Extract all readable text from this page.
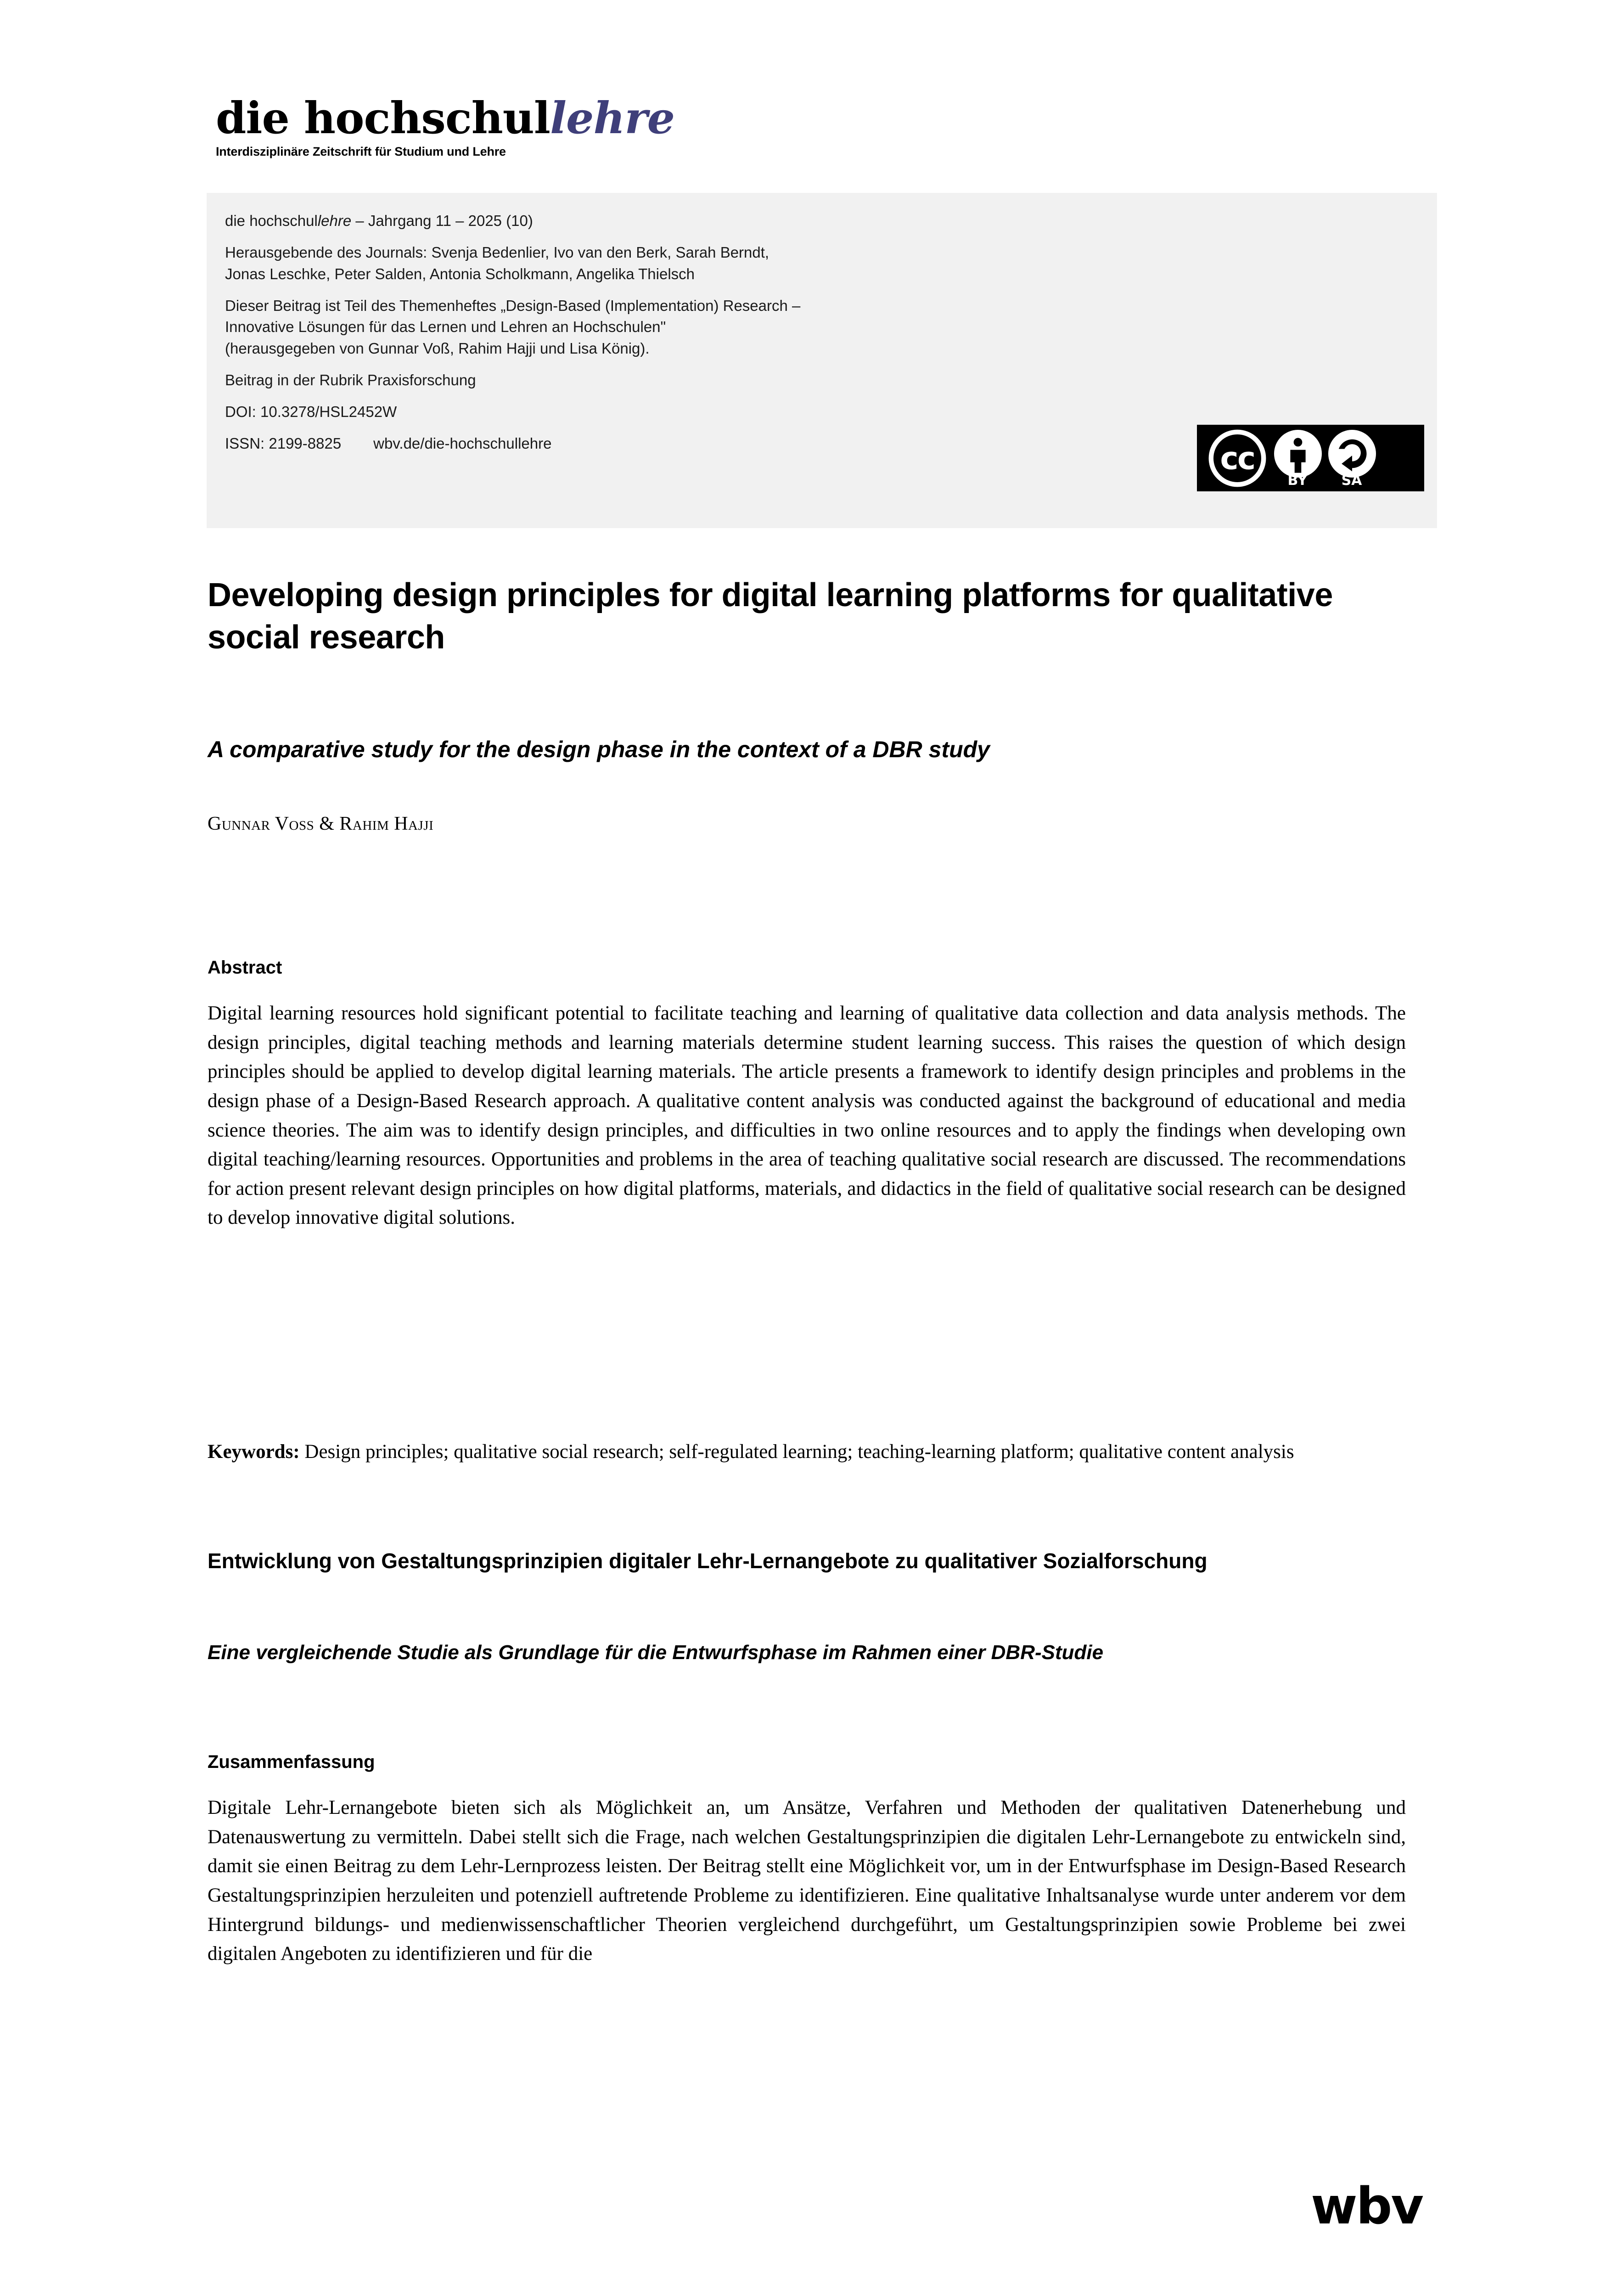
die hochschullehre
Interdisziplinäre Zeitschrift für Studium und Lehre

die hochschullehre – Jahrgang 11 – 2025 (10)

Herausgebende des Journals: Svenja Bedenlier, Ivo van den Berk, Sarah Berndt,
Jonas Leschke, Peter Salden, Antonia Scholkmann, Angelika Thielsch

Dieser Beitrag ist Teil des Themenheftes „Design-Based (Implementation) Research –
Innovative Lösungen für das Lernen und Lehren an Hochschulen"
(herausgegeben von Gunnar Voß, Rahim Hajji und Lisa König).

Beitrag in der Rubrik Praxisforschung

DOI: 10.3278/HSL2452W

ISSN: 2199-8825 wbv.de/die-hochschullehre	cc
BY	SA
Developing design principles for digital learning platforms for qualitative social research
A comparative study for the design phase in the context of a DBR study
Gunnar Voss & Rahim Hajji
Abstract
Digital learning resources hold significant potential to facilitate teaching and learning of qualitative data collection and data analysis methods. The design principles, digital teaching methods and learning materials determine student learning success. This raises the question of which design principles should be applied to develop digital learning materials. The article presents a framework to identify design principles and problems in the design phase of a Design-Based Research approach. A qualitative content analysis was conducted against the background of educational and media science theories. The aim was to identify design principles, and difficulties in two online resources and to apply the findings when developing own digital teaching/learning resources. Opportunities and problems in the area of teaching qualitative social research are discussed. The recommendations for action present relevant design principles on how digital platforms, materials, and didactics in the field of qualitative social research can be designed to develop innovative digital solutions.
Keywords: Design principles; qualitative social research; self-regulated learning; teaching-learning platform; qualitative content analysis
Entwicklung von Gestaltungsprinzipien digitaler Lehr-Lernangebote zu qualitativer Sozialforschung
Eine vergleichende Studie als Grundlage für die Entwurfsphase im Rahmen einer DBR-Studie
Zusammenfassung
Digitale Lehr-Lernangebote bieten sich als Möglichkeit an, um Ansätze, Verfahren und Methoden der qualitativen Datenerhebung und Datenauswertung zu vermitteln. Dabei stellt sich die Frage, nach welchen Gestaltungsprinzipien die digitalen Lehr-Lernangebote zu entwickeln sind, damit sie einen Beitrag zu dem Lehr-Lernprozess leisten. Der Beitrag stellt eine Möglichkeit vor, um in der Entwurfsphase im Design-Based Research Gestaltungsprinzipien herzuleiten und potenziell auftretende Probleme zu identifizieren. Eine qualitative Inhaltsanalyse wurde unter anderem vor dem Hintergrund bildungs- und medienwissenschaftlicher Theorien vergleichend durchgeführt, um Gestaltungsprinzipien sowie Probleme bei zwei digitalen Angeboten zu identifizieren und für die
wbv
